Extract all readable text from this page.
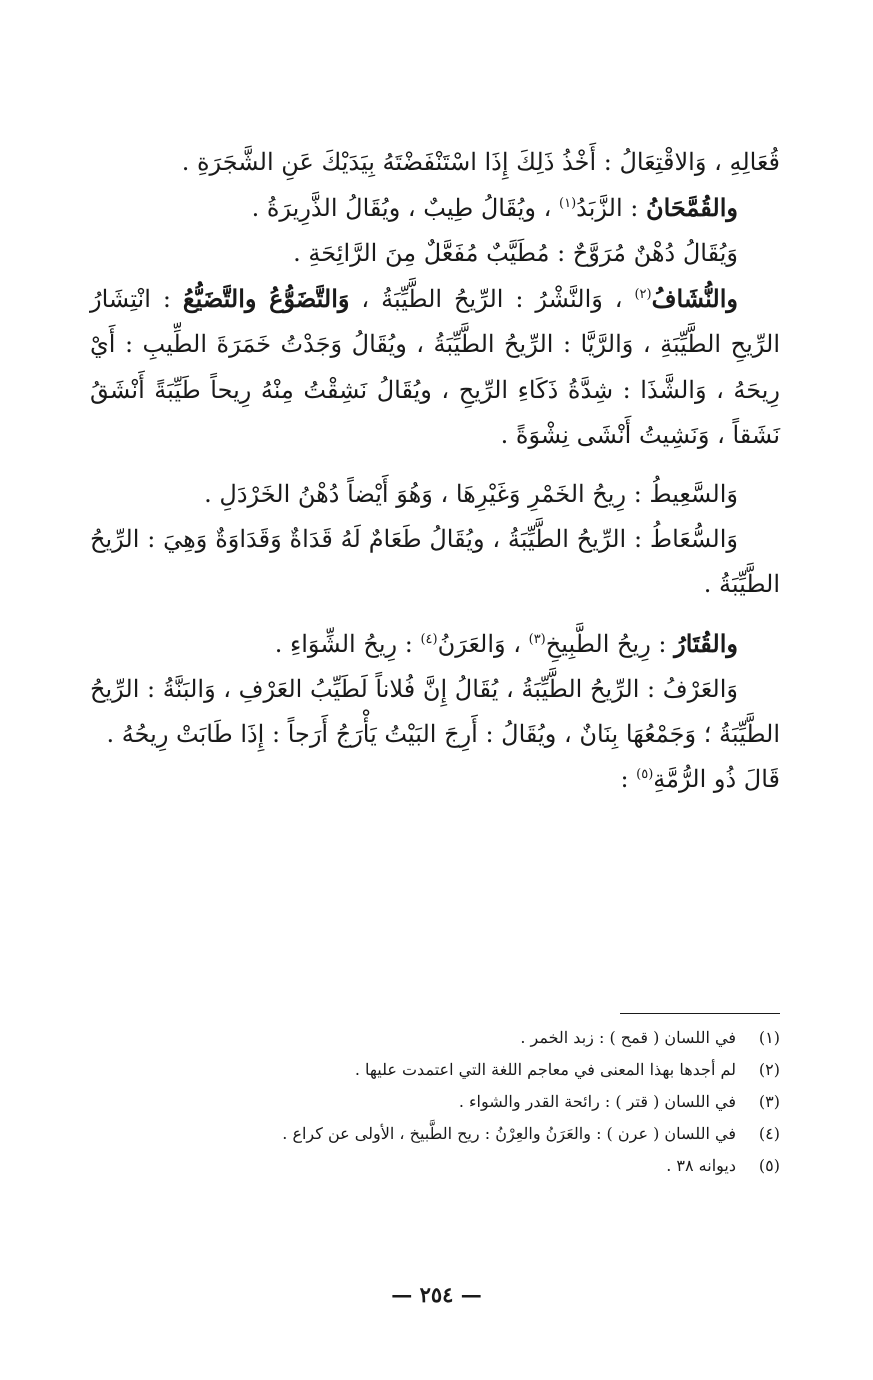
قُعَالِهِ ، وَالاقْتِعَالُ : أَخْذُ ذَلِكَ إِذَا اسْتَنْفَضْتَهُ بِيَدَيْكَ عَنِ الشَّجَرَةِ .

والقُمَّحَانُ : الزَّبَدُ$^{(١)}$ ، ويُقَالُ طِيبٌ ، ويُقَالُ الذَّرِيرَةُ .

وَيُقَالُ دُهْنٌ مُرَوَّحٌ : مُطَيَّبٌ مُفَعَّلٌ مِنَ الرَّائِحَةِ .

والنُّشَافُ$^{(٢)}$ ، وَالنَّشْرُ : الرِّيحُ الطَّيِّبَةُ ، وَالتَّضَوُّعُ والتَّضَيُّعُ : انْتِشَارُ الرِّيحِ الطَّيِّبَةِ ، وَالرَّيَّا : الرِّيحُ الطَّيِّبَةُ ، ويُقَالُ وَجَدْتُ خَمَرَةَ الطِّيبِ : أَيْ رِيحَهُ ، وَالشَّذَا : شِدَّةُ ذَكَاءِ الرِّيحِ ، ويُقَالُ نَشِقْتُ مِنْهُ رِيحاً طَيِّبَةً أَنْشَقُ نَشَقاً ، وَنَشِيتُ أَنْشَى نِشْوَةً .

وَالسَّعِيطُ : رِيحُ الخَمْرِ وَغَيْرِهَا ، وَهُوَ أَيْضاً دُهْنُ الخَرْدَلِ .

وَالسُّعَاطُ : الرِّيحُ الطَّيِّبَةُ ، ويُقَالُ طَعَامٌ لَهُ قَدَاةٌ وَقَدَاوَةٌ وَهِيَ : الرِّيحُ الطَّيِّبَةُ .

والقُتَارُ : رِيحُ الطَّبِيخِ$^{(٣)}$ ، وَالعَرَنُ$^{(٤)}$ : رِيحُ الشِّوَاءِ .

وَالعَرْفُ : الرِّيحُ الطَّيِّبَةُ ، يُقَالُ إِنَّ فُلاناً لَطَيِّبُ العَرْفِ ، وَالبَنَّةُ : الرِّيحُ الطَّيِّبَةُ ؛ وَجَمْعُهَا بِنَانٌ ، ويُقَالُ : أَرِجَ البَيْتُ يَأْرَجُ أَرَجاً : إِذَا طَابَتْ رِيحُهُ .

قَالَ ذُو الرُّمَّةِ$^{(٥)}$ :

(١)في اللسان ( قمح ) : زبد الخمر .
(٢)لم أجدها بهذا المعنى في معاجم اللغة التي اعتمدت عليها .
(٣)في اللسان ( قتر ) : رائحة القدر والشواء .
(٤)في اللسان ( عرن ) : والعَرَنُ والعِرْنُ : ريح الطَّبيخ ، الأولى عن كراع .
(٥)ديوانه ٣٨ .
— ٢٥٤ —
